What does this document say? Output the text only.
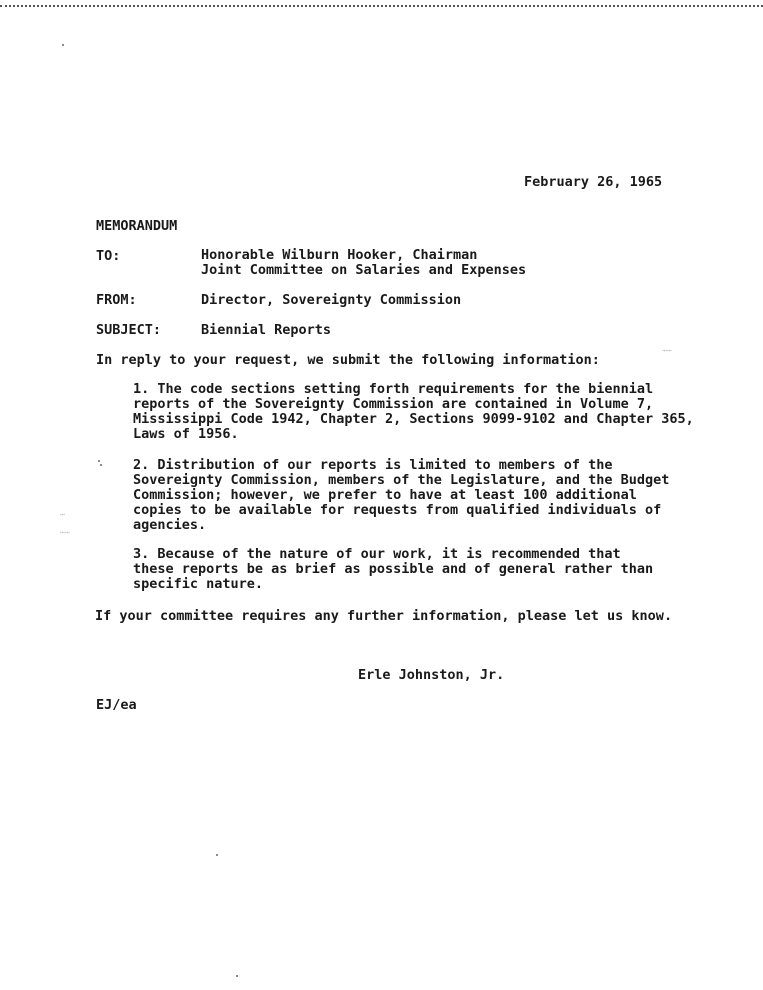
⋯⋯
⋯
⋯⋯
February 26, 1965
MEMORANDUM
TO:	Honorable Wilburn Hooker, Chairman
Joint Committee on Salaries and Expenses
FROM:	Director, Sovereignty Commission
SUBJECT:	Biennial Reports
In reply to your request, we submit the following information:
1. The code sections setting forth requirements for the biennial
reports of the Sovereignty Commission are contained in Volume 7,
Mississippi Code 1942, Chapter 2, Sections 9099-9102 and Chapter 365,
Laws of 1956.
2. Distribution of our reports is limited to members of the
Sovereignty Commission, members of the Legislature, and the Budget
Commission; however, we prefer to have at least 100 additional
copies to be available for requests from qualified individuals of
agencies.
3. Because of the nature of our work, it is recommended that
these reports be as brief as possible and of general rather than
specific nature.
If your committee requires any further information, please let us know.
Erle Johnston, Jr.
EJ/ea
